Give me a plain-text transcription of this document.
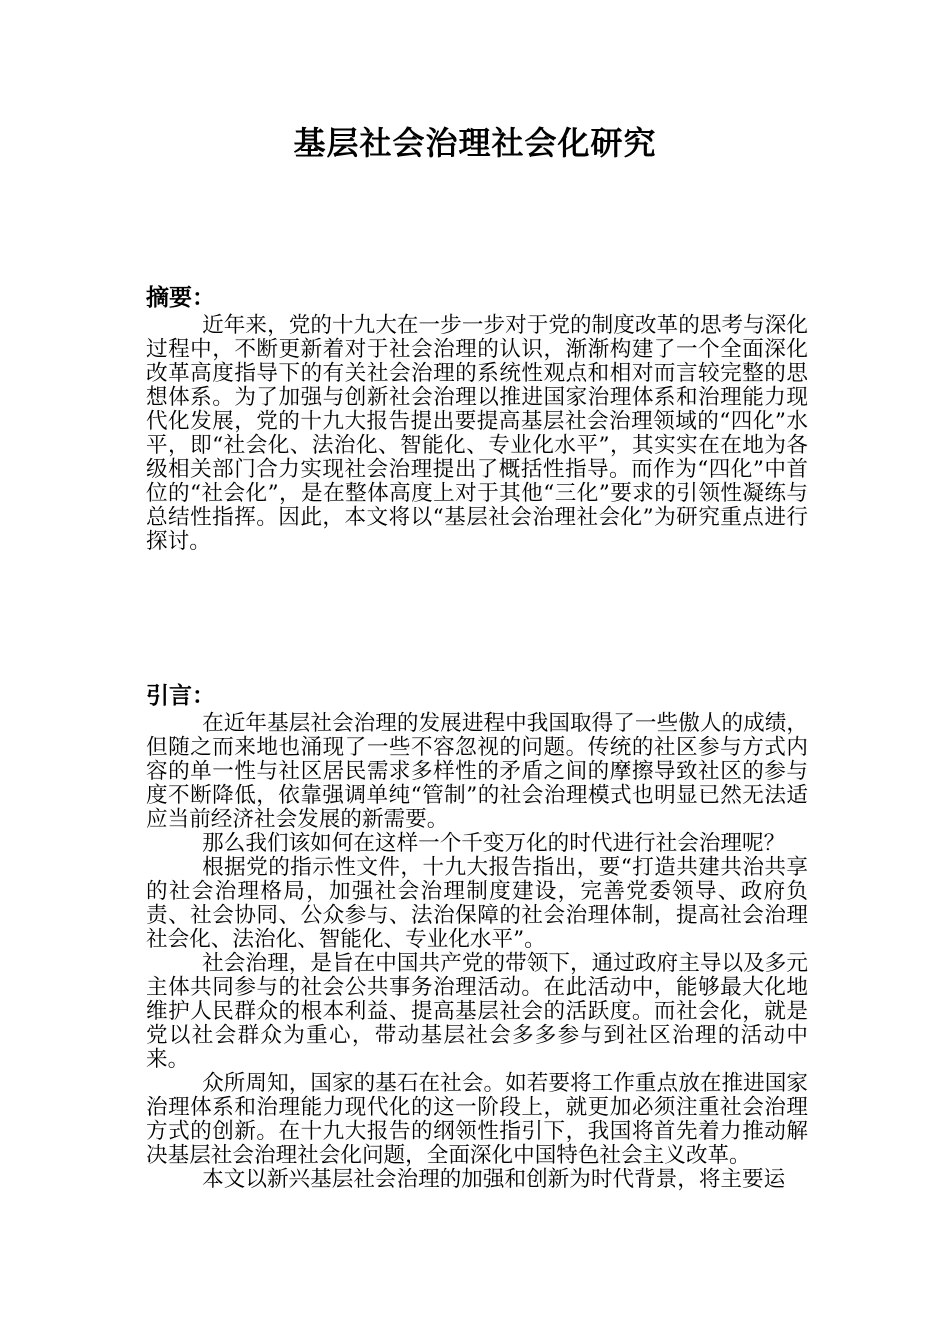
基层社会治理社会化研究
摘要：

近年来，党的十九大在一步一步对于党的制度改革的思考与深化过程中，不断更新着对于社会治理的认识，渐渐构建了一个全面深化改革高度指导下的有关社会治理的系统性观点和相对而言较完整的思想体系。为了加强与创新社会治理以推进国家治理体系和治理能力现代化发展，党的十九大报告提出要提高基层社会治理领域的“四化”水平，即“社会化、法治化、智能化、专业化水平”，其实实在在地为各级相关部门合力实现社会治理提出了概括性指导。而作为“四化”中首位的“社会化”，是在整体高度上对于其他“三化”要求的引领性凝练与总结性指挥。因此，本文将以“基层社会治理社会化”为研究重点进行探讨。

引言：

在近年基层社会治理的发展进程中我国取得了一些傲人的成绩，但随之而来地也涌现了一些不容忽视的问题。传统的社区参与方式内容的单一性与社区居民需求多样性的矛盾之间的摩擦导致社区的参与度不断降低，依靠强调单纯“管制”的社会治理模式也明显已然无法适应当前经济社会发展的新需要。

那么我们该如何在这样一个千变万化的时代进行社会治理呢？

根据党的指示性文件，十九大报告指出，要“打造共建共治共享的社会治理格局，加强社会治理制度建设，完善党委领导、政府负责、社会协同、公众参与、法治保障的社会治理体制，提高社会治理社会化、法治化、智能化、专业化水平”。

社会治理，是旨在中国共产党的带领下，通过政府主导以及多元主体共同参与的社会公共事务治理活动。在此活动中，能够最大化地维护人民群众的根本利益、提高基层社会的活跃度。而社会化，就是党以社会群众为重心，带动基层社会多多参与到社区治理的活动中来。

众所周知，国家的基石在社会。如若要将工作重点放在推进国家治理体系和治理能力现代化的这一阶段上，就更加必须注重社会治理方式的创新。在十九大报告的纲领性指引下，我国将首先着力推动解决基层社会治理社会化问题，全面深化中国特色社会主义改革。

本文以新兴基层社会治理的加强和创新为时代背景，将主要运
